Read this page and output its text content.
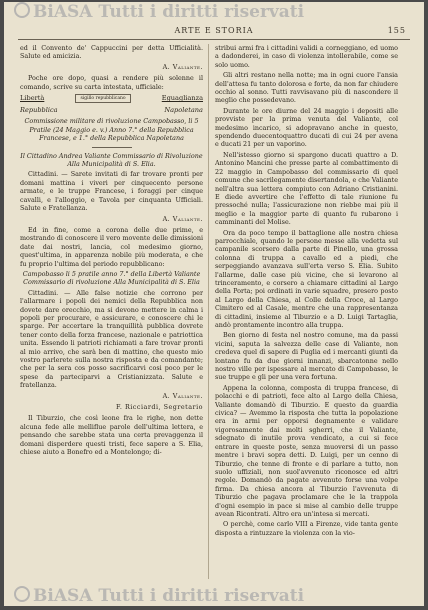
BiASA Tutti i diritti riservati
ARTE E STORIA	155

ed il Convento de' Cappuccini per detta Ufficialità. Salute ed amicizia.

A. Valiante.

Poche ore dopo, quasi a rendere più solenne il comando, scrive su carta intestata, ufficiale:

Libertà	sigillo repubblicano	Eguaglianza
Repubblica	Napoletana
Commissione militare di rivoluzione Campobasso, li 5 Pratile (24 Maggio e. v.) Anno 7.° della Repubblica Francese, e 1.° della Repubblica Napoletana
Il Cittadino Andrea Valiante Commissario di Rivoluzione Alla Municipalità di S. Elia.

Cittadini. — Sarete invitati di far trovare pronti per domani mattina i viveri per cinquecento persone armate, e le truppe Francese, i foraggi per cinque cavalli, e l'alloggio, e Tavola per cinquanta Ufficiali. Salute e Fratellanza.

A. Valiante.

Ed in fine, come a corona delle due prime, e mostrando di conoscere il vero movente delle dimissioni date dai nostri, lancia, col medesimo giorno, quest'ultima, in apparenza nobile più moderata, e che fu proprio l'ultima del periodo repubblicano:

Campobasso li 5 pratile anno 7.° della Libertà Valiante Commissario di rivoluzione Alla Municipalità di S. Elia

Cittadini. — Alle false notizie che corrono per l'allarmare i popoli dei nemici della Repubblica non dovete dare orecchio, ma si devono mettere in calma i popoli per procurare, e assicurare, e conoscere chi le sparge. Per accertare la tranquillità pubblica dovrete tener conto della forza francese, nazionale e patriottica unita. Essendo li patrioti richiamati a fare trovar pronti al mio arrivo, che sarà ben di mattino, che questo mio vostro parlerete sulla nostra risposta e da comandante; che per la sera cos posso sacrificarvi cosi poco per le spese da parteciparvi a Cristianizzata. Salute e fratellanza.

A. Valiante.
F. Ricciardi, Segretario

Il Tiburzio, che così leone fra le righe, non dette alcuna fede alle melliflue parole dell'ultima lettera, e pensando che sarebbe stata una certa prevaggenza il domani disperdere questi tristi, fece sapere a S. Elia, chiese aiuto a Bonefro ed a Montelongo; di-

stribui armi fra i cittadini validi a corneggiano, ed uomo a dadonderei, in caso di violenza intollerabile, come se solo uomo.

Gli altri restano nella notte; ma in ogni cuore l'ansia dell'attesa fu tanto dolorosa e forte, da non far chiudere occhio al sonno. Tutti ravvisavano più di nascondere il meglio che possedevano.

Durante le ore diurne del 24 maggio i depositi alle provviste per la prima venuta del Valiante, col medesimo incarico, si adopravano anche in questo, spendendo duecentoquattro ducati di cui 24 per avena e ducati 21 per un vaporino.

Nell'istesso giorno si spargono ducati quattro a D. Antonino Mancini che presse parte al combattimento di 22 maggio in Campobasso del commissario di quel comune che sacrilegamente disertandola, e che Valiante nell'altra sua lettera compiuto con Adriano Cristianini. E diede avvertire che l'effetto di tale riunione fu pressoché nulla; l'assicurazione non riebbe mai più il meglio e la maggior parte di quanto fu rubarono i camminanti del Molise.

Ora da poco tempo il battaglione alle nostra chiesa parrocchiale, quando le persone messe alla vedetta sul campanile scorsero dalla parte di Pinello, una grossa colonna di truppa a cavallo ed a piedi, che serpeggiando avanzava sull'erta verso S. Elia. Subito l'allarme, dalle case più vicine, che si levarono al trinceramento, e corsero a chiamare cittadini al Largo della Porta; poi ordinati in varie squadre, presero posto al Largo della Chiesa, al Colle della Croce, al Largo Cimitero ed al Casale, mentre che una rappresentanza di cittadini, insieme al Tiburzio e a D. Luigi Tartaglia, andò prontamente incontro alla truppa.

Ben giorno di festa nel nostro comune, ma da passi vicini, saputa la salvezza delle case di Valiante, non credeva quel dì sapere di Puglia ed i mercanti giunti da lontano fu da due giorni innanzi, sbarcatonne nello nostro ville per ispessare al mercato di Campobasso, le sue truppe e gli per una vera fortuna.

Appena la colonna, composta di truppa francese, di polacchi e di patrioti, fece alto al Largo della Chiesa, Valiante domandò di Tiburzio. E questo da guardia civica? — Avemmo la risposta che tutta la popolazione era in armi per opporsi degnamente e validare vigorosamente dai molti sgherri, che il Valiante, sdegnato di inutile prova vendicato, a cui si fece entrare in queste poste, senza muoversi di un passo mentre i bravi sopra detti. D. Luigi, per un cenno di Tiburzio, che tenne di fronte e di parlare a tutto, non suolo uffiziali, non suol'avvenuto riconosce ed altri regole. Domandò da pagate avvenuto forse una volpe firma. Da chiesa ancora al Tiburzio l'avvenuta di Tiburzio che pagava proclamare che le la trappola d'ogni esempio in pace si mise al cambio delle truppe avean Ricontrati. Altro era un'intesa si mercati.

O perchè, come carlo VIII a Firenze, vide tanta gente disposta a rintuzzare la violenza con la vio-

BiASA Tutti i diritti riservati
